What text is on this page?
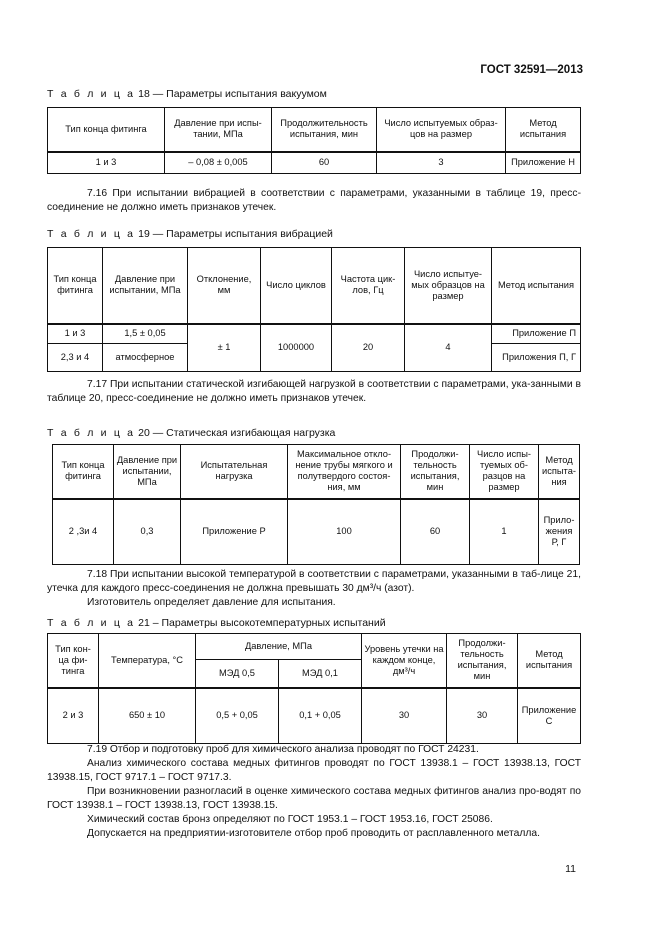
ГОСТ 32591—2013
Т а б л и ц а 18 — Параметры испытания вакуумом
Тип конца фитинга	Давление при испы-тании, МПа	Продолжительность испытания, мин	Число испытуемых образ-цов на размер	Метод испытания
1 и 3	– 0,08 ± 0,005	60	3	Приложение Н
7.16 При испытании вибрацией в соответствии с параметрами, указанными в таблице 19, пресс-соединение не должно иметь признаков утечек.
Т а б л и ц а 19 — Параметры испытания вибрацией
Тип конца фитинга	Давление при испытании, МПа	Отклонение, мм	Число циклов	Частота цик-лов, Гц	Число испытуе-мых образцов на размер	Метод испытания
1 и 3	1,5 ± 0,05	± 1	1000000	20	4	Приложение П
2,3 и 4	атмосферное					Приложения П, Г
7.17 При испытании статической изгибающей нагрузкой в соответствии с параметрами, ука-занными в таблице 20, пресс-соединение не должно иметь признаков утечек.
Т а б л и ц а 20 — Статическая изгибающая нагрузка
Тип конца фитинга	Давление при испытании, МПа	Испытательная нагрузка	Максимальное откло-нение трубы мягкого и полутвердого состоя-ния, мм	Продолжи-тельность испытания, мин	Число испы-туемых об-разцов на размер	Метод испыта-ния
2 ,3и 4	0,3	Приложение Р	100	60	1	Прило-жения Р, Г
7.18 При испытании высокой температурой в соответствии с параметрами, указанными в таб-лице 21, утечка для каждого пресс-соединения не должна превышать 30 дм³/ч (азот).
Изготовитель определяет давление для испытания.
Т а б л и ц а 21 – Параметры высокотемпературных испытаний
Тип кон-ца фи-тинга	Температура, °С	Давление, МПа		Уровень утечки на каждом конце, дм³/ч	Продолжи-тельность испытания, мин	Метод испытания
		МЭД 0,5	МЭД 0,1			
2 и 3	650 ± 10	0,5 + 0,05	0,1 + 0,05	30	30	Приложение С
7.19 Отбор и подготовку проб для химического анализа проводят по ГОСТ 24231.
Анализ химического состава медных фитингов проводят по ГОСТ 13938.1 – ГОСТ 13938.13, ГОСТ 13938.15, ГОСТ 9717.1 – ГОСТ 9717.3.
При возникновении разногласий в оценке химического состава медных фитингов анализ про-водят по ГОСТ 13938.1 – ГОСТ 13938.13, ГОСТ 13938.15.
Химический состав бронз определяют по ГОСТ 1953.1 – ГОСТ 1953.16, ГОСТ 25086.
Допускается на предприятии-изготовителе отбор проб проводить от расплавленного металла.
11
